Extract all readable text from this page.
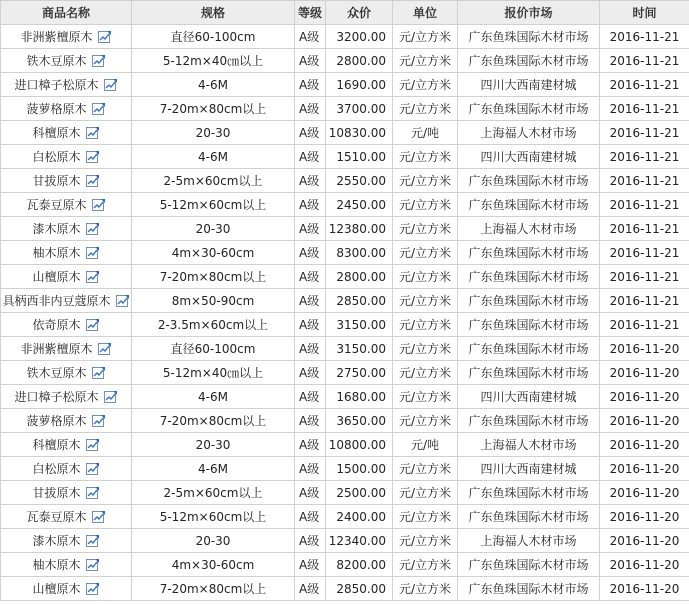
商品名称	规格	等级	众价	单位	报价市场	时间
非洲紫檀原木	直径60-100cm	A级	3200.00	元/立方米	广东鱼珠国际木材市场	2016-11-21
铁木豆原木	5-12m×40㎝以上	A级	2800.00	元/立方米	广东鱼珠国际木材市场	2016-11-21
进口樟子松原木	4-6M	A级	1690.00	元/立方米	四川大西南建材城	2016-11-21
菠萝格原木	7-20m×80cm以上	A级	3700.00	元/立方米	广东鱼珠国际木材市场	2016-11-21
科檀原木	20-30	A级	10830.00	元/吨	上海福人木材市场	2016-11-21
白松原木	4-6M	A级	1510.00	元/立方米	四川大西南建材城	2016-11-21
甘拔原木	2-5m×60cm以上	A级	2550.00	元/立方米	广东鱼珠国际木材市场	2016-11-21
瓦泰豆原木	5-12m×60cm以上	A级	2450.00	元/立方米	广东鱼珠国际木材市场	2016-11-21
漆木原木	20-30	A级	12380.00	元/立方米	上海福人木材市场	2016-11-21
柚木原木	4m×30-60cm	A级	8300.00	元/立方米	广东鱼珠国际木材市场	2016-11-21
山檀原木	7-20m×80cm以上	A级	2800.00	元/立方米	广东鱼珠国际木材市场	2016-11-21
具柄西非内豆蔻原木	8m×50-90cm	A级	2850.00	元/立方米	广东鱼珠国际木材市场	2016-11-21
依奇原木	2-3.5m×60cm以上	A级	3150.00	元/立方米	广东鱼珠国际木材市场	2016-11-21
非洲紫檀原木	直径60-100cm	A级	3150.00	元/立方米	广东鱼珠国际木材市场	2016-11-20
铁木豆原木	5-12m×40㎝以上	A级	2750.00	元/立方米	广东鱼珠国际木材市场	2016-11-20
进口樟子松原木	4-6M	A级	1680.00	元/立方米	四川大西南建材城	2016-11-20
菠萝格原木	7-20m×80cm以上	A级	3650.00	元/立方米	广东鱼珠国际木材市场	2016-11-20
科檀原木	20-30	A级	10800.00	元/吨	上海福人木材市场	2016-11-20
白松原木	4-6M	A级	1500.00	元/立方米	四川大西南建材城	2016-11-20
甘拔原木	2-5m×60cm以上	A级	2500.00	元/立方米	广东鱼珠国际木材市场	2016-11-20
瓦泰豆原木	5-12m×60cm以上	A级	2400.00	元/立方米	广东鱼珠国际木材市场	2016-11-20
漆木原木	20-30	A级	12340.00	元/立方米	上海福人木材市场	2016-11-20
柚木原木	4m×30-60cm	A级	8200.00	元/立方米	广东鱼珠国际木材市场	2016-11-20
山檀原木	7-20m×80cm以上	A级	2850.00	元/立方米	广东鱼珠国际木材市场	2016-11-20
